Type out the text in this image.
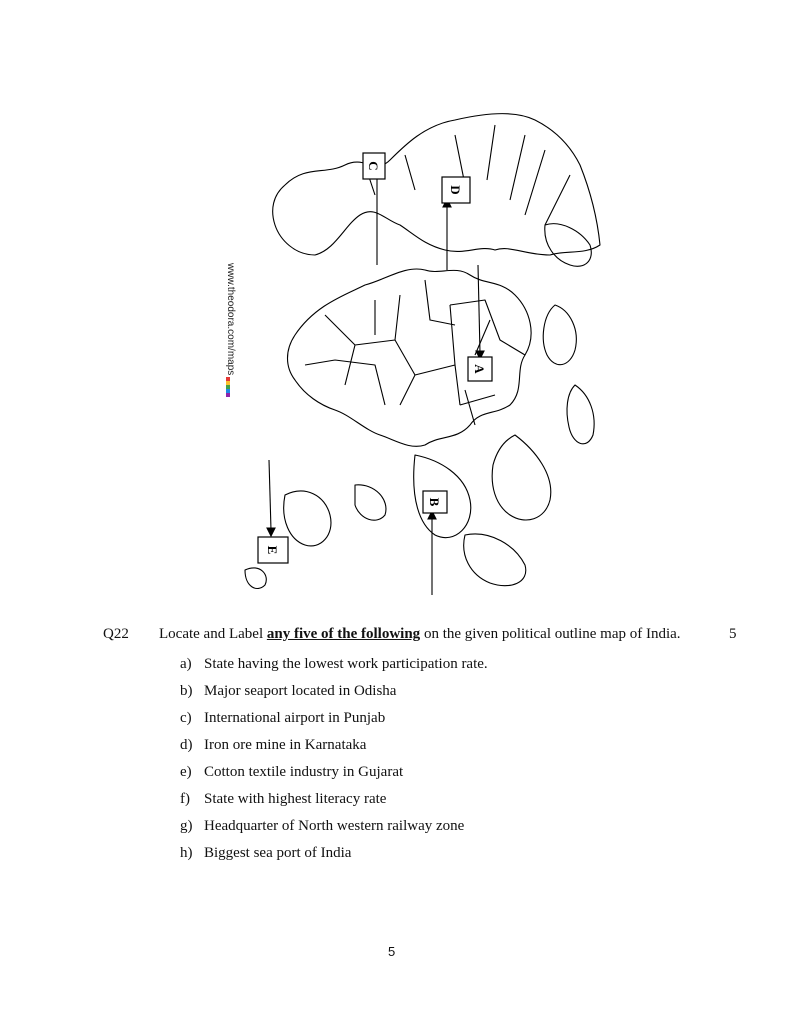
C
D
A
E
B
www.theodora.com/maps
Q22 Locate and Label any five of the following on the given political outline map of India.	5
a) State having the lowest work participation rate.
b) Major seaport located in Odisha
c) International airport in Punjab
d) Iron ore mine in Karnataka
e) Cotton textile industry in Gujarat
f) State with highest literacy rate
g) Headquarter of North western railway zone
h) Biggest sea port of India
5
